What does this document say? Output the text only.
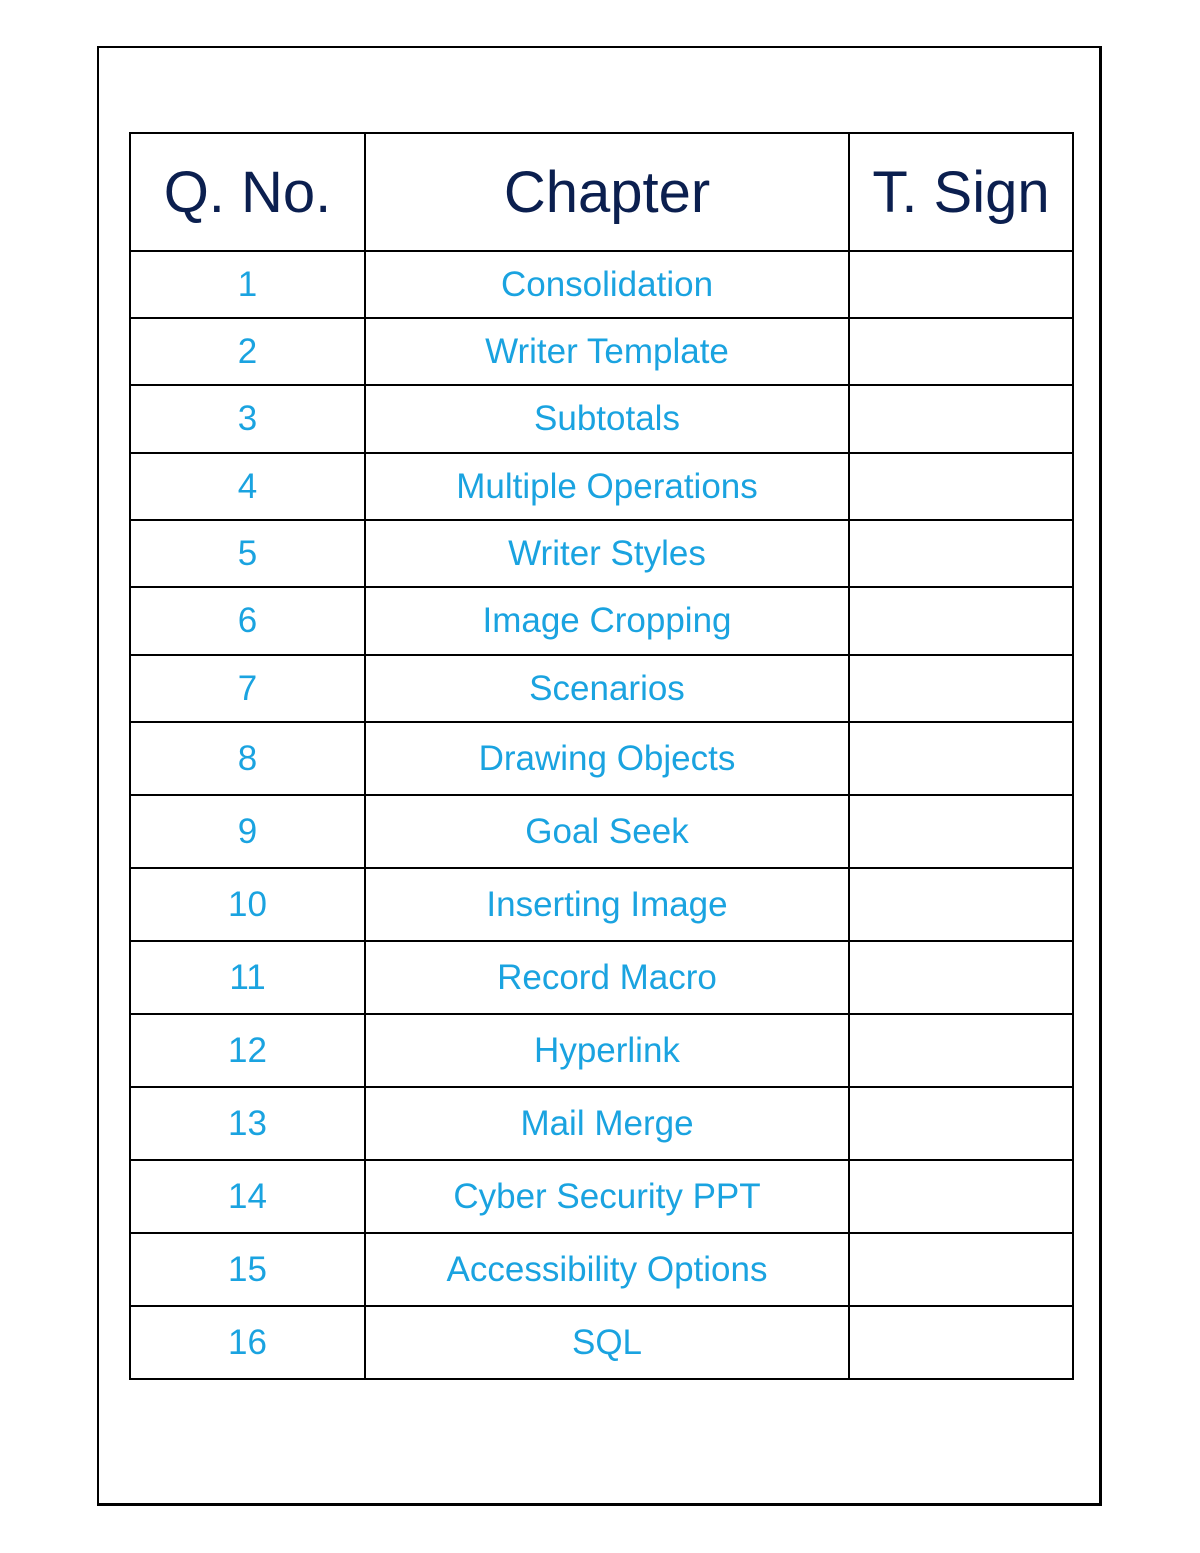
Q. No.	Chapter	T. Sign
1	Consolidation	
2	Writer Template	
3	Subtotals	
4	Multiple Operations	
5	Writer Styles	
6	Image Cropping	
7	Scenarios	
8	Drawing Objects	
9	Goal Seek	
10	Inserting Image	
11	Record Macro	
12	Hyperlink	
13	Mail Merge	
14	Cyber Security PPT	
15	Accessibility Options	
16	SQL	
